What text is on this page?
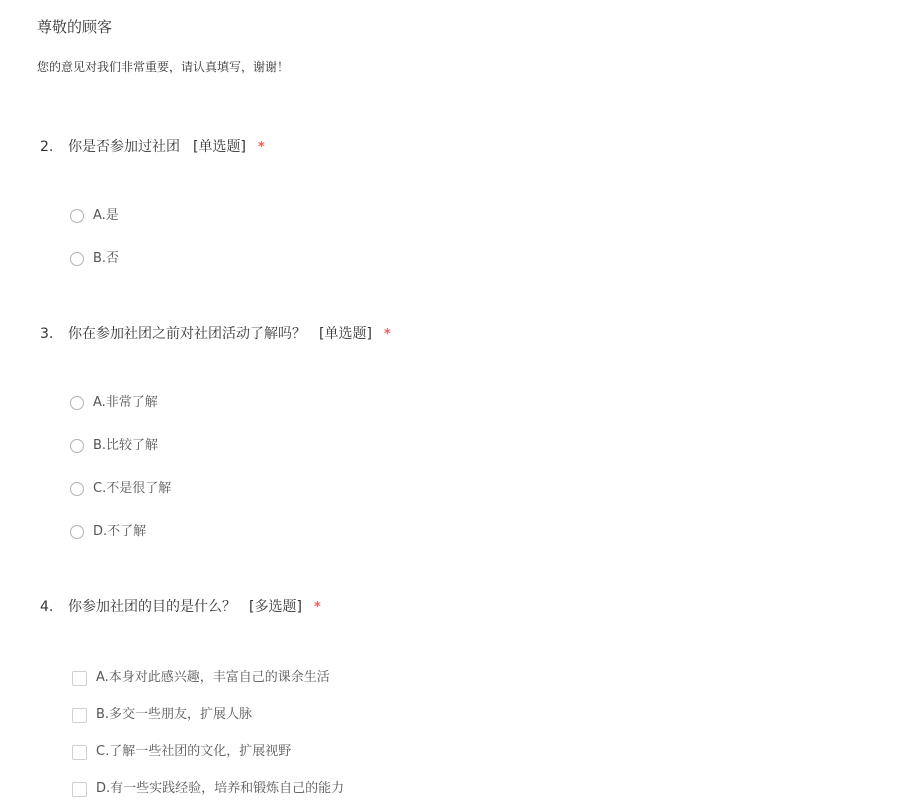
尊敬的顾客
您的意见对我们非常重要，请认真填写，谢谢！
2. 你是否参加过社团 [单选题] *
A.是
B.否
3. 你在参加社团之前对社团活动了解吗？ [单选题] *
A.非常了解
B.比较了解
C.不是很了解
D.不了解
4. 你参加社团的目的是什么？ [多选题] *
A.本身对此感兴趣，丰富自己的课余生活
B.多交一些朋友，扩展人脉
C.了解一些社团的文化，扩展视野
D.有一些实践经验，培养和锻炼自己的能力
